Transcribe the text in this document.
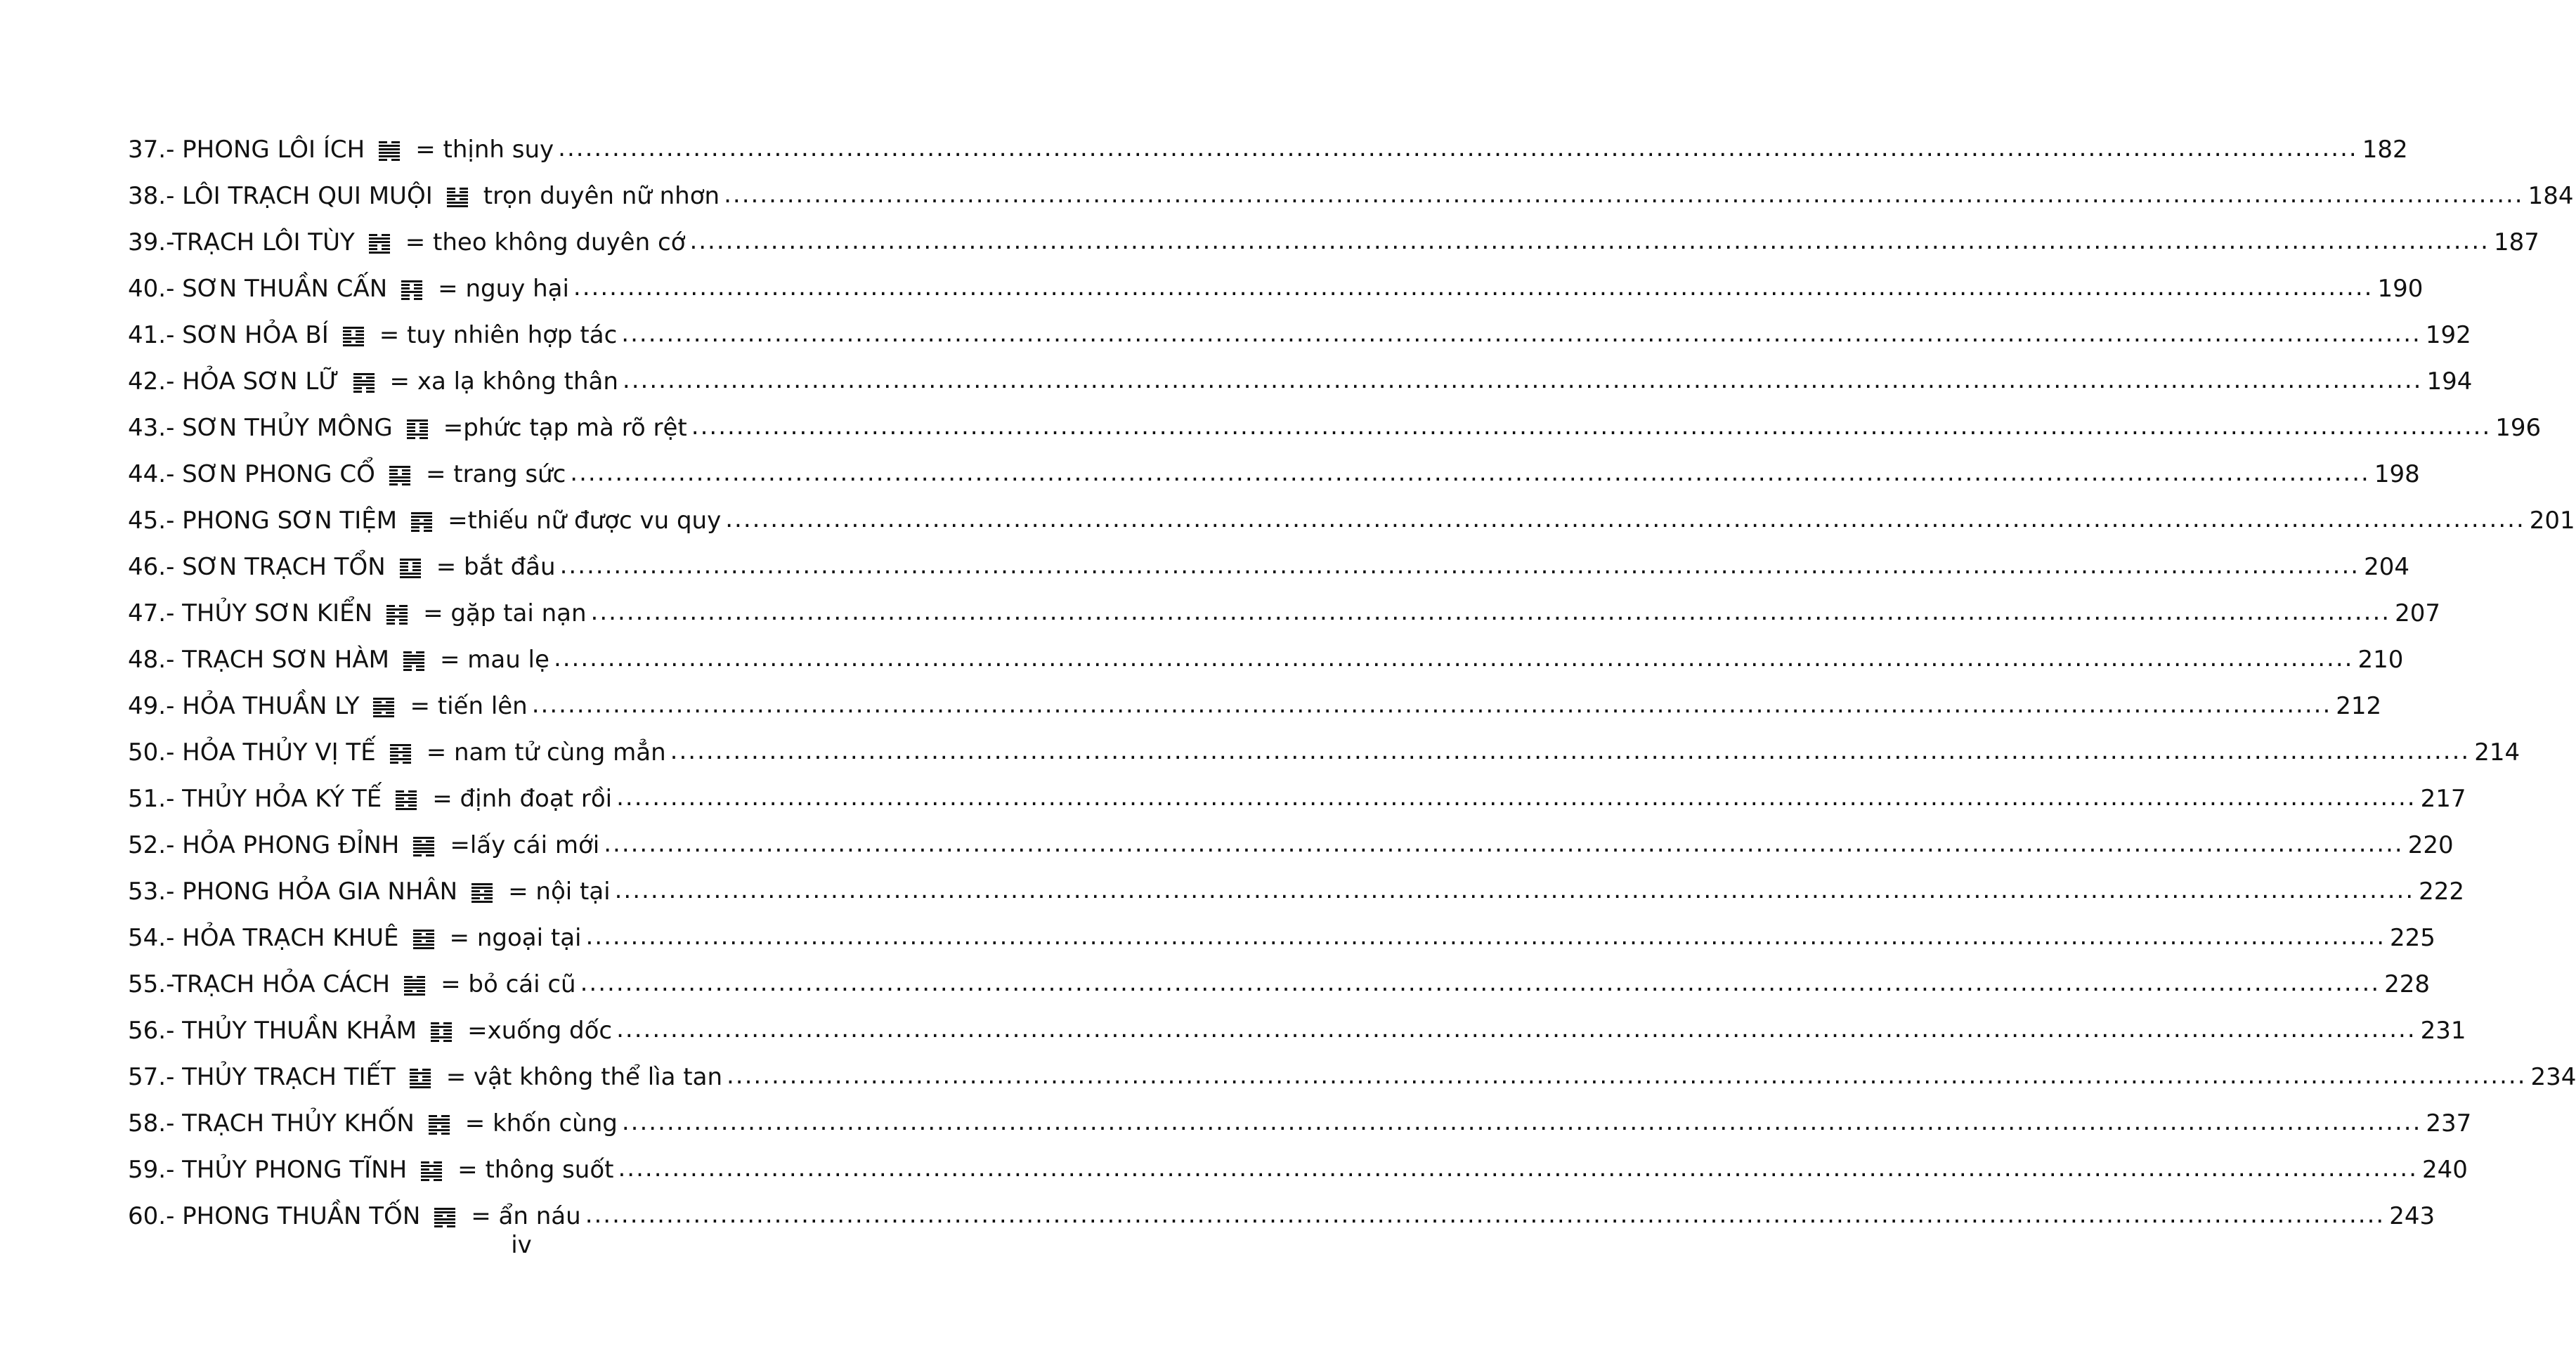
37.- PHONG LÔI ÍCH = thịnh suy ........................................................................................................................................................................................................ 182
38.- LÔI TRẠCH QUI MUỘI trọn duyên nữ nhơn ........................................................................................................................................................................................................ 184
39.-TRẠCH LÔI TÙY = theo không duyên cớ ........................................................................................................................................................................................................ 187
40.- SƠN THUẦN CẤN = nguy hại ........................................................................................................................................................................................................ 190
41.- SƠN HỎA BÍ = tuy nhiên hợp tác ........................................................................................................................................................................................................ 192
42.- HỎA SƠN LỮ = xa lạ không thân ........................................................................................................................................................................................................ 194
43.- SƠN THỦY MÔNG =phức tạp mà rõ rệt ........................................................................................................................................................................................................ 196
44.- SƠN PHONG CỔ = trang sức ........................................................................................................................................................................................................ 198
45.- PHONG SƠN TIỆM =thiếu nữ được vu quy ........................................................................................................................................................................................................ 201
46.- SƠN TRẠCH TỔN = bắt đầu ........................................................................................................................................................................................................ 204
47.- THỦY SƠN KIỂN = gặp tai nạn ........................................................................................................................................................................................................ 207
48.- TRẠCH SƠN HÀM = mau lẹ ........................................................................................................................................................................................................ 210
49.- HỎA THUẦN LY = tiến lên ........................................................................................................................................................................................................ 212
50.- HỎA THỦY VỊ TẾ = nam tử cùng mẳn ........................................................................................................................................................................................................ 214
51.- THỦY HỎA KÝ TẾ = định đoạt rồi ........................................................................................................................................................................................................ 217
52.- HỎA PHONG ĐỈNH =lấy cái mới ........................................................................................................................................................................................................ 220
53.- PHONG HỎA GIA NHÂN = nội tại ........................................................................................................................................................................................................ 222
54.- HỎA TRẠCH KHUÊ = ngoại tại ........................................................................................................................................................................................................ 225
55.-TRẠCH HỎA CÁCH = bỏ cái cũ ........................................................................................................................................................................................................ 228
56.- THỦY THUẦN KHẢM =xuống dốc ........................................................................................................................................................................................................ 231
57.- THỦY TRẠCH TIẾT = vật không thể lìa tan ........................................................................................................................................................................................................ 234
58.- TRẠCH THỦY KHỐN = khốn cùng ........................................................................................................................................................................................................ 237
59.- THỦY PHONG TĨNH = thông suốt ........................................................................................................................................................................................................ 240
60.- PHONG THUẦN TỐN = ẩn náu ........................................................................................................................................................................................................ 243
iv
